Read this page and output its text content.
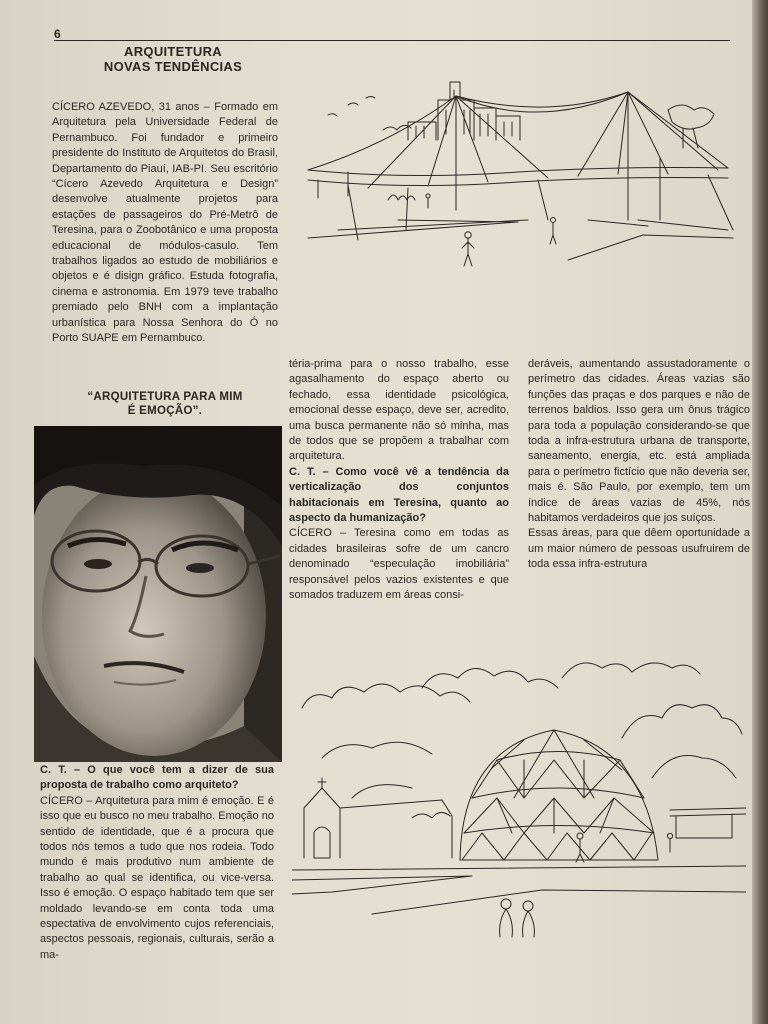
6
ARQUITETURA
NOVAS TENDÊNCIAS

CÍCERO AZEVEDO, 31 anos – Formado em Arquitetura pela Universidade Federal de Pernambuco. Foi fundador e primeiro presidente do Instituto de Arquitetos do Brasil, Departamento do Piauí, IAB-PI. Seu escritório “Cícero Azevedo Arquitetura e Design” desenvolve atualmente projetos para estações de passageiros do Pré-Metrô de Teresina, para o Zoobotânico e uma proposta educacional de módulos-casulo. Tem trabalhos ligados ao estudo de mobiliários e objetos e é disign gráfico. Estuda fotografia, cinema e astronomia. Em 1979 teve trabalho premiado pelo BNH com a implantação urbanística para Nossa Senhora do Ó no Porto SUAPE em Pernambuco.

“ARQUITETURA PARA MIM
É EMOÇÃO”.

C. T. – O que você tem a dizer de sua proposta de trabalho como arquiteto?

CÍCERO – Arquitetura para mim é emoção. E é isso que eu busco no meu trabalho. Emoção no sentido de identidade, que é a procura que todos nós temos a tudo que nos rodeia. Todo mundo é mais produtivo num ambiente de trabalho ao qual se identifica, ou vice-versa. Isso é emoção. O espaço habitado tem que ser moldado levando-se em conta toda uma espectativa de envolvimento cujos referenciais, aspectos pessoais, regionais, culturais, serão a ma-

téria-prima para o nosso trabalho, esse agasalhamento do espaço aberto ou fechado, essa identidade psicológica, emocional desse espaço, deve ser, acredito, uma busca permanente não só minha, mas de todos que se propõem a trabalhar com arquitetura.

C. T. – Como você vê a tendência da verticalização dos conjuntos habitacionais em Teresina, quanto ao aspecto da humanização?

CÍCERO – Teresina como em todas as cidades brasileiras sofre de um cancro denominado “especulação imobiliária” responsável pelos vazios existentes e que somados traduzem em áreas consi-

deráveis, aumentando assustadoramente o perímetro das cidades. Áreas vazias são funções das praças e dos parques e não de terrenos baldios. Isso gera um ônus trágico para toda a população considerando-se que toda a infra-estrutura urbana de transporte, saneamento, energia, etc. está ampliada para o perímetro fictício que não deveria ser, mais é. São Paulo, por exemplo, tem um índice de áreas vazias de 45%, nós habitamos verdadeiros que jos suíços.

Essas áreas, para que dêem oportunidade a um maior número de pessoas usufruirem de toda essa infra-estrutura
